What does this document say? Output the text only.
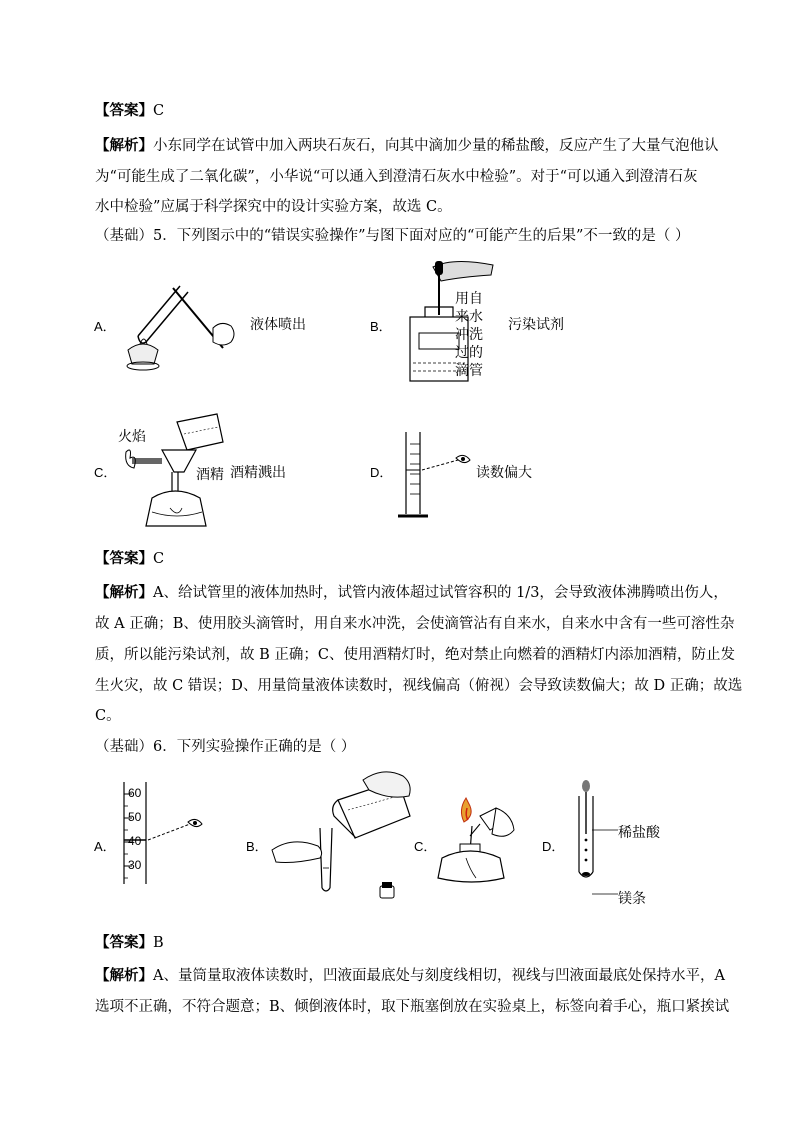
【答案】C
【解析】小东同学在试管中加入两块石灰石，向其中滴加少量的稀盐酸，反应产生了大量气泡他认
为“可能生成了二氧化碳”，小华说“可以通入到澄清石灰水中检验”。对于“可以通入到澄清石灰
水中检验”应属于科学探究中的设计实验方案，故选 C。
（基础）5．下列图示中的“错误实验操作”与图下面对应的“可能产生的后果”不一致的是（ ）
A．	液体喷出	B．
用自
来水
冲洗
过的
滴管
污染试剂
C．
火焰
酒精 酒精溅出	D．	读数偏大
【答案】C
【解析】A、给试管里的液体加热时，试管内液体超过试管容积的 1/3，会导致液体沸腾喷出伤人，
故 A 正确；B、使用胶头滴管时，用自来水冲洗，会使滴管沾有自来水，自来水中含有一些可溶性杂
质，所以能污染试剂，故 B 正确；C、使用酒精灯时，绝对禁止向燃着的酒精灯内添加酒精，防止发
生火灾，故 C 错误；D、用量筒量液体读数时，视线偏高（俯视）会导致读数偏大；故 D 正确；故选
C。
（基础）6．下列实验操作正确的是（ ）
A．
60
50
40
30
B．	C．	D．
稀盐酸
镁条
【答案】B
【解析】A、量筒量取液体读数时，凹液面最底处与刻度线相切，视线与凹液面最底处保持水平，A
选项不正确，不符合题意；B、倾倒液体时，取下瓶塞倒放在实验桌上，标签向着手心，瓶口紧挨试
